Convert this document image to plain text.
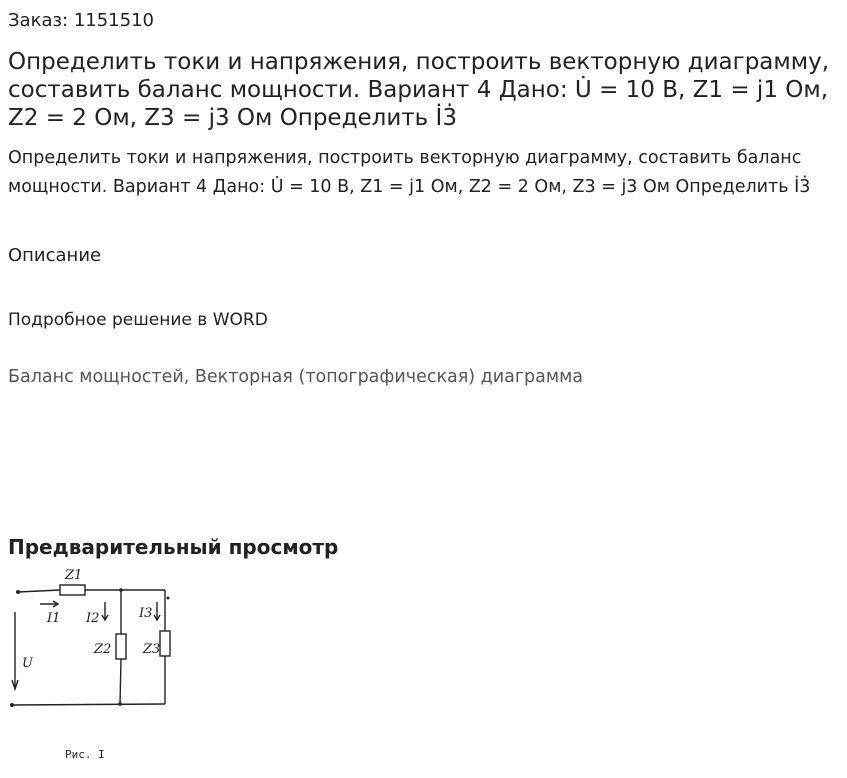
Заказ: 1151510
Определить токи и напряжения, построить векторную диаграмму, составить баланс мощности. Вариант 4 Дано: U̇ = 10 В, Z1 = j1 Ом, Z2 = 2 Ом, Z3 = j3 Ом Определить İ3̇

Определить токи и напряжения, построить векторную диаграмму, составить баланс мощности. Вариант 4 Дано: U̇ = 10 В, Z1 = j1 Ом, Z2 = 2 Ом, Z3 = j3 Ом Определить İ3̇

Описание
Подробное решение в WORD
Баланс мощностей, Векторная (топографическая) диаграмма
Предварительный просмотр
Z1
I1 I2	I3
U
Z2 Z3
Рис. I
